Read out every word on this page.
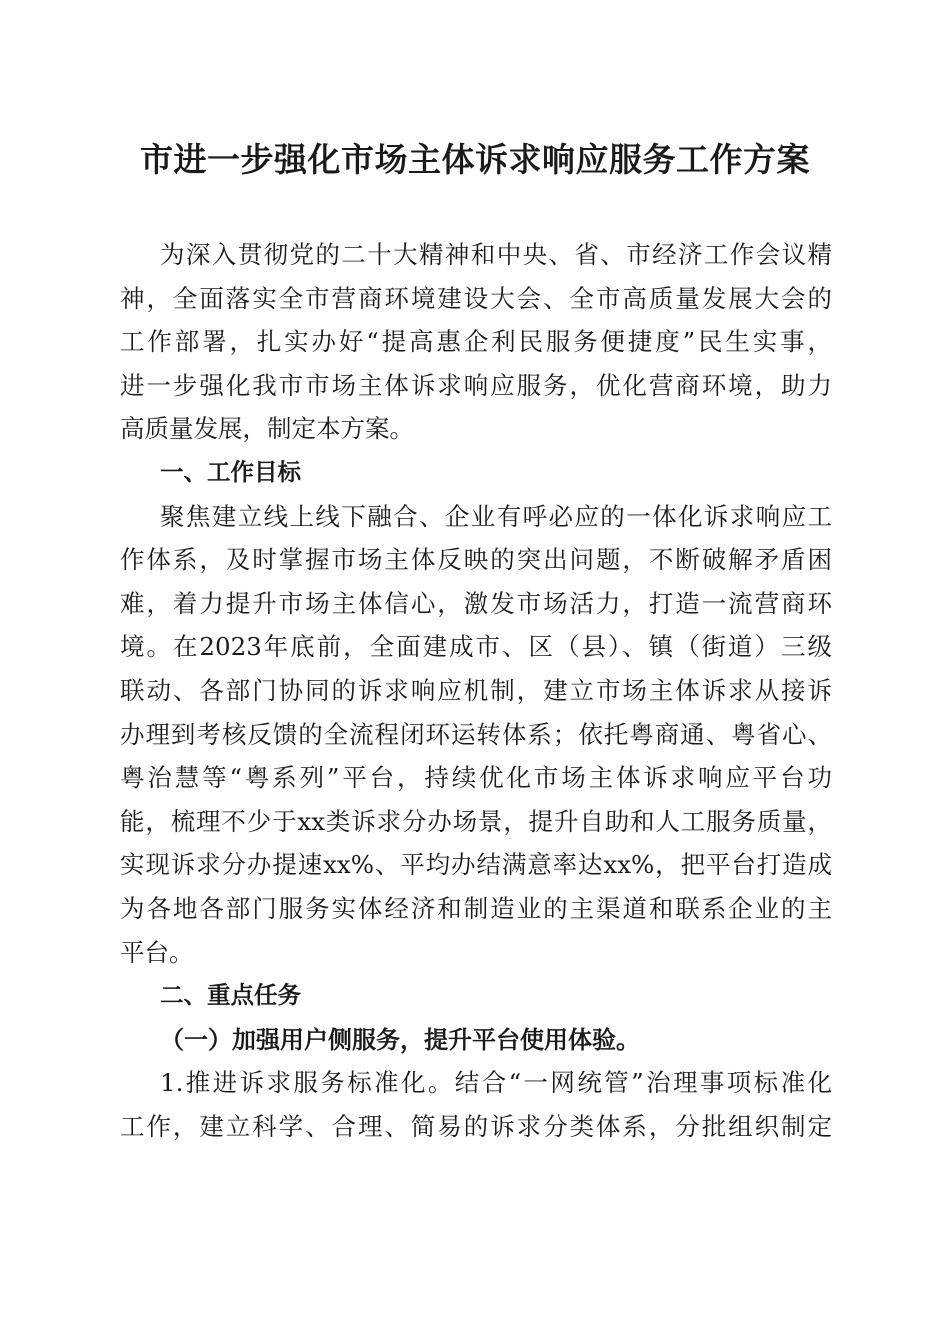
市进一步强化市场主体诉求响应服务工作方案
为深入贯彻党的二十大精神和中央、省、市经济工作会议精
神，全面落实全市营商环境建设大会、全市高质量发展大会的
工作部署，扎实办好“提高惠企利民服务便捷度”民生实事，
进一步强化我市市场主体诉求响应服务，优化营商环境，助力
高质量发展，制定本方案。
一、工作目标
聚焦建立线上线下融合、企业有呼必应的一体化诉求响应工
作体系，及时掌握市场主体反映的突出问题，不断破解矛盾困
难，着力提升市场主体信心，激发市场活力，打造一流营商环
境。在2023年底前，全面建成市、区（县）、镇（街道）三级
联动、各部门协同的诉求响应机制，建立市场主体诉求从接诉
办理到考核反馈的全流程闭环运转体系；依托粤商通、粤省心、
粤治慧等“粤系列”平台，持续优化市场主体诉求响应平台功
能，梳理不少于xx类诉求分办场景，提升自助和人工服务质量，
实现诉求分办提速xx%、平均办结满意率达xx%，把平台打造成
为各地各部门服务实体经济和制造业的主渠道和联系企业的主
平台。
二、重点任务
（一）加强用户侧服务，提升平台使用体验。
1.推进诉求服务标准化。结合“一网统管”治理事项标准化
工作，建立科学、合理、简易的诉求分类体系，分批组织制定
